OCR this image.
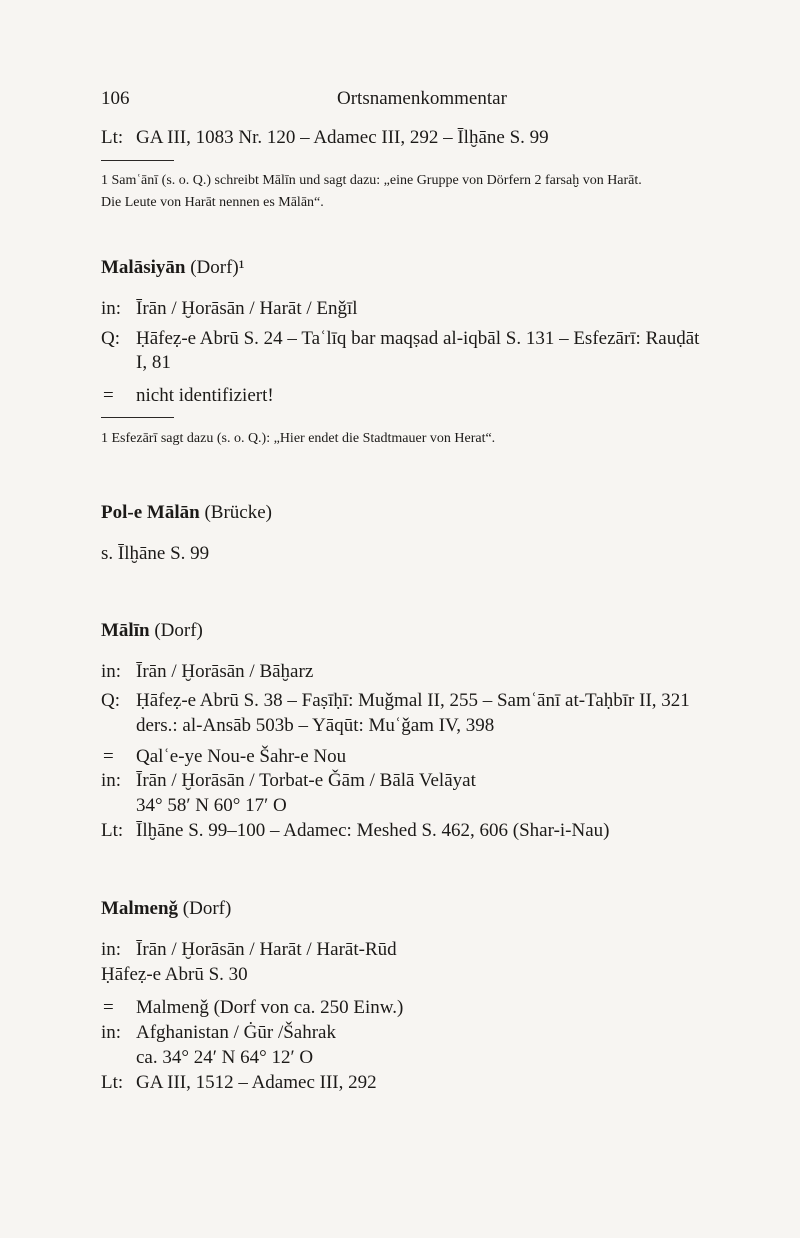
106	Ortsnamenkommentar
Lt: GA III, 1083 Nr. 120 – Adamec III, 292 – Īlḫāne S. 99
1 Samʿānī (s. o. Q.) schreibt Mālīn und sagt dazu: „eine Gruppe von Dörfern 2 farsaḫ von Harāt.
Die Leute von Harāt nennen es Mālān“.
Malāsiyān (Dorf)¹
in: Īrān / Ḫorāsān / Harāt / Enǧīl
Q: Ḥāfeẓ-e Abrū S. 24 – Taʿlīq bar maqṣad al-iqbāl S. 131 – Esfezārī: Rauḍāt
I, 81
= nicht identifiziert!
1 Esfezārī sagt dazu (s. o. Q.): „Hier endet die Stadtmauer von Herat“.
Pol-e Mālān (Brücke)
s. Īlḫāne S. 99
Mālīn (Dorf)
in: Īrān / Ḫorāsān / Bāḫarz
Q: Ḥāfeẓ-e Abrū S. 38 – Faṣīḥī: Muǧmal II, 255 – Samʿānī at-Taḥbīr II, 321
ders.: al-Ansāb 503b – Yāqūt: Muʿǧam IV, 398
= Qalʿe-ye Nou-e Šahr-e Nou
in: Īrān / Ḫorāsān / Torbat-e Ǧām / Bālā Velāyat
34° 58′ N 60° 17′ O
Lt: Īlḫāne S. 99–100 – Adamec: Meshed S. 462, 606 (Shar-i-Nau)
Malmenǧ (Dorf)
in: Īrān / Ḫorāsān / Harāt / Harāt-Rūd
Ḥāfeẓ-e Abrū S. 30
= Malmenǧ (Dorf von ca. 250 Einw.)
in: Afghanistan / Ġūr /Šahrak
ca. 34° 24′ N 64° 12′ O
Lt: GA III, 1512 – Adamec III, 292
